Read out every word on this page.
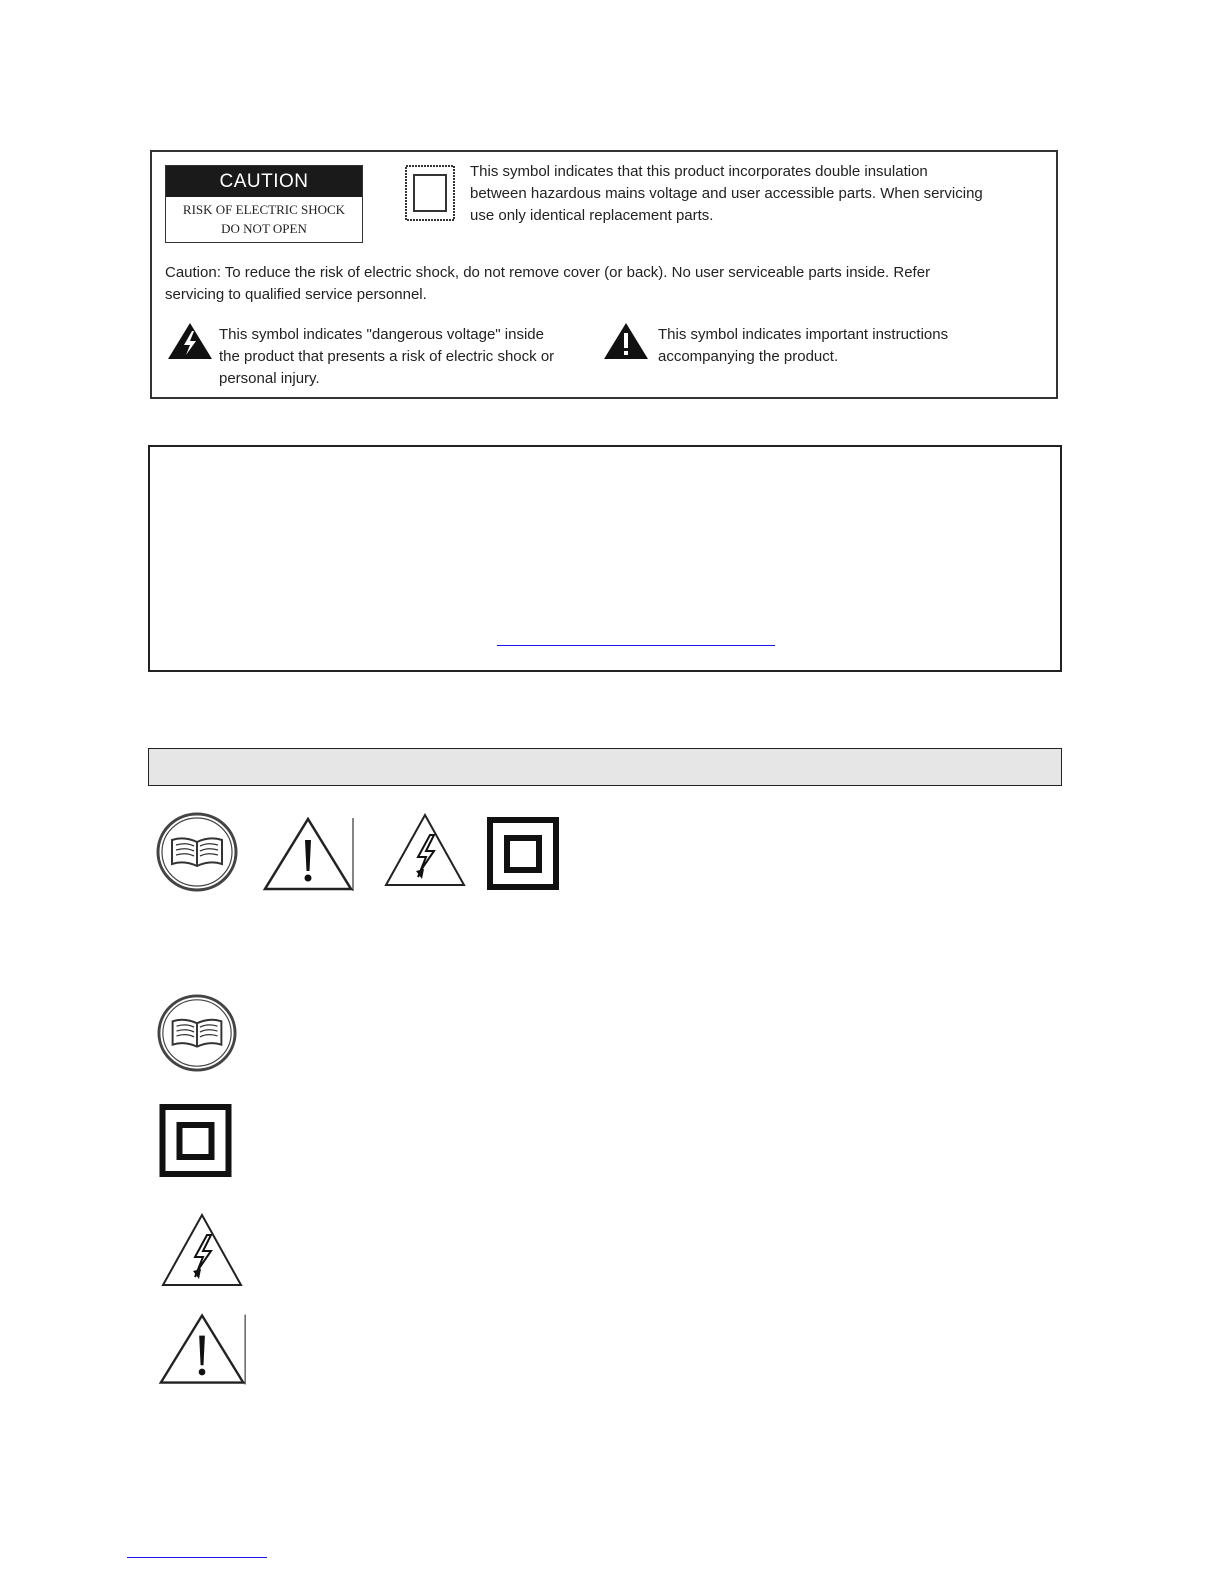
CAUTION
RISK OF ELECTRIC SHOCK
DO NOT OPEN
This symbol indicates that this product incorporates double insulation
between hazardous mains voltage and user accessible parts. When servicing
use only identical replacement parts.
Caution: To reduce the risk of electric shock, do not remove cover (or back). No user serviceable parts inside. Refer
servicing to qualified service personnel.
This symbol indicates "dangerous voltage" inside
the product that presents a risk of electric shock or
personal injury.
This symbol indicates important instructions
accompanying the product.
